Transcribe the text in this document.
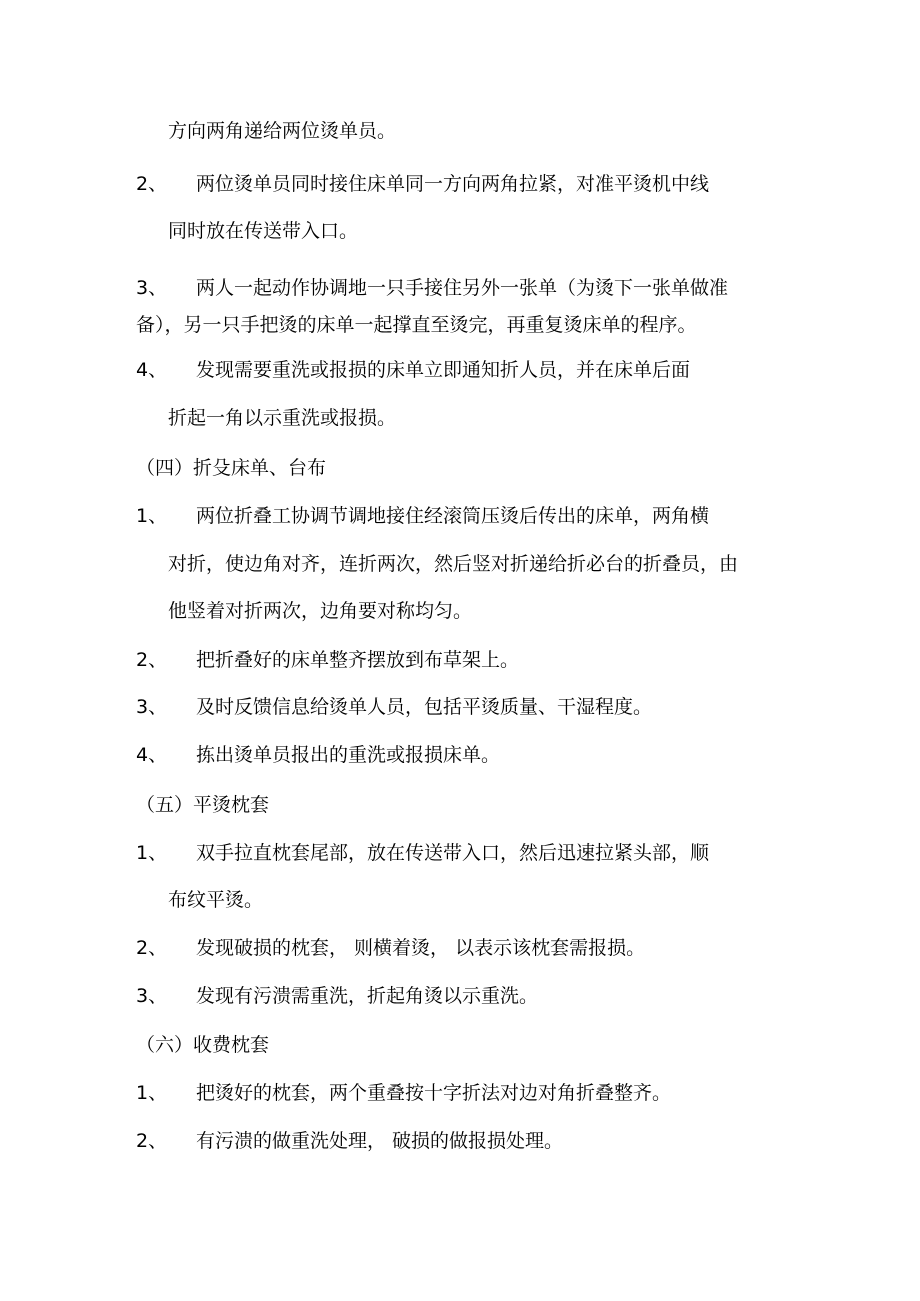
方向两角递给两位烫单员。
2、 两位烫单员同时接住床单同一方向两角拉紧，对准平烫机中线
同时放在传送带入口。
3、 两人一起动作协调地一只手接住另外一张单（为烫下一张单做准
备），另一只手把烫的床单一起撑直至烫完，再重复烫床单的程序。
4、 发现需要重洗或报损的床单立即通知折人员，并在床单后面
折起一角以示重洗或报损。
（四）折殳床单、台布
1、 两位折叠工协调节调地接住经滚筒压烫后传出的床单，两角横
对折，使边角对齐，连折两次，然后竖对折递给折必台的折叠员，由
他竖着对折两次，边角要对称均匀。
2、 把折叠好的床单整齐摆放到布草架上。
3、 及时反馈信息给烫单人员，包括平烫质量、干湿程度。
4、 拣出烫单员报出的重洗或报损床单。
（五）平烫枕套
1、 双手拉直枕套尾部，放在传送带入口，然后迅速拉紧头部，顺
布纹平烫。
2、 发现破损的枕套， 则横着烫， 以表示该枕套需报损。
3、 发现有污溃需重洗，折起角烫以示重洗。
（六）收费枕套
1、 把烫好的枕套，两个重叠按十字折法对边对角折叠整齐。
2、 有污溃的做重洗处理， 破损的做报损处理。
